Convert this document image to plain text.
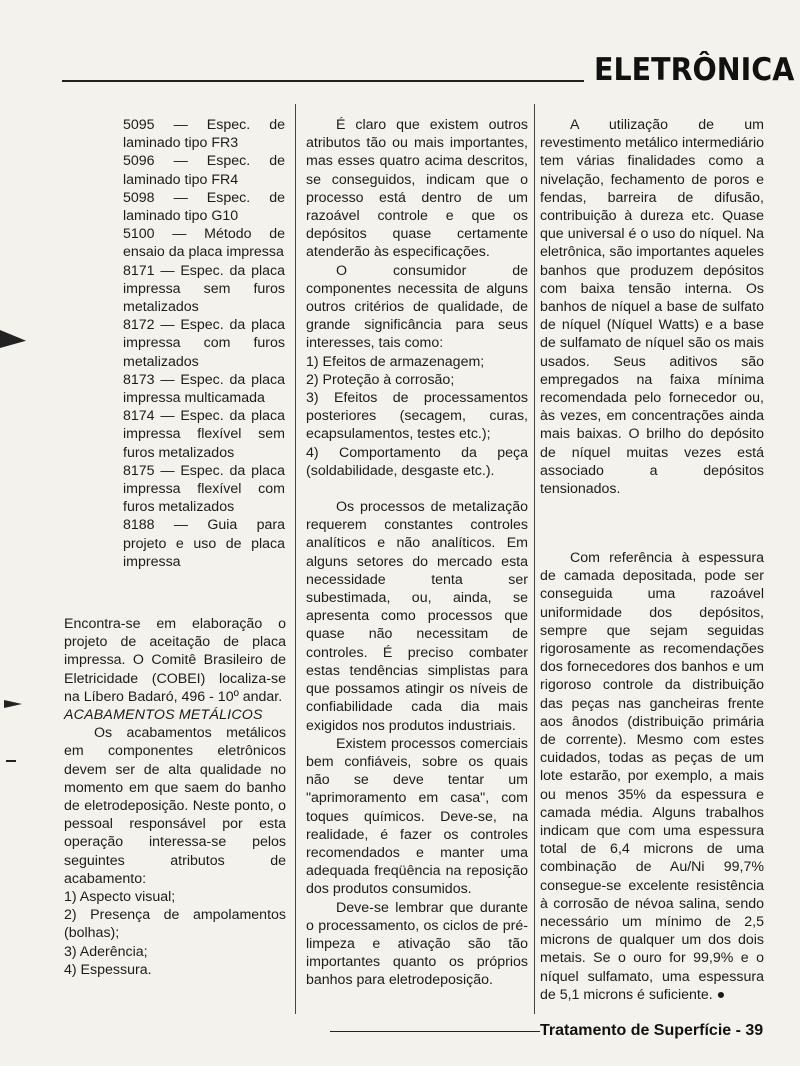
ELETRÔNICA

5095 — Espec. de laminado tipo FR3

5096 — Espec. de laminado tipo FR4

5098 — Espec. de laminado tipo G10

5100 — Método de ensaio da placa impressa

8171 — Espec. da placa impressa sem furos metalizados

8172 — Espec. da placa impressa com furos metalizados

8173 — Espec. da placa impressa multicamada

8174 — Espec. da placa impressa flexível sem furos metalizados

8175 — Espec. da placa impressa flexível com furos metalizados

8188 — Guia para projeto e uso de placa impressa

Encontra-se em elaboração o projeto de aceitação de placa impressa. O Comitê Brasileiro de Eletricidade (COBEI) localiza-se na Líbero Badaró, 496 - 10º andar.

ACABAMENTOS METÁLICOS

Os acabamentos metálicos em componentes eletrônicos devem ser de alta qualidade no momento em que saem do banho de eletrodeposição. Neste ponto, o pessoal responsável por esta operação interessa-se pelos seguintes atributos de acabamento:

1) Aspecto visual;

2) Presença de ampolamentos (bolhas);

3) Aderência;

4) Espessura.

É claro que existem outros atributos tão ou mais importantes, mas esses quatro acima descritos, se conseguidos, indicam que o processo está dentro de um razoável controle e que os depósitos quase certamente atenderão às especificações.

O consumidor de componentes necessita de alguns outros critérios de qualidade, de grande significância para seus interesses, tais como:

1) Efeitos de armazenagem;

2) Proteção à corrosão;

3) Efeitos de processamentos posteriores (secagem, curas, ecapsulamentos, testes etc.);

4) Comportamento da peça (soldabilidade, desgaste etc.).

Os processos de metalização requerem constantes controles analíticos e não analíticos. Em alguns setores do mercado esta necessidade tenta ser subestimada, ou, ainda, se apresenta como processos que quase não necessitam de controles. É preciso combater estas tendências simplistas para que possamos atingir os níveis de confiabilidade cada dia mais exigidos nos produtos industriais.

Existem processos comerciais bem confiáveis, sobre os quais não se deve tentar um "aprimoramento em casa", com toques químicos. Deve-se, na realidade, é fazer os controles recomendados e manter uma adequada freqüência na reposição dos produtos consumidos.

Deve-se lembrar que durante o processamento, os ciclos de pré-limpeza e ativação são tão importantes quanto os próprios banhos para eletrodeposição.

A utilização de um revestimento metálico intermediário tem várias finalidades como a nivelação, fechamento de poros e fendas, barreira de difusão, contribuição à dureza etc. Quase que universal é o uso do níquel. Na eletrônica, são importantes aqueles banhos que produzem depósitos com baixa tensão interna. Os banhos de níquel a base de sulfato de níquel (Níquel Watts) e a base de sulfamato de níquel são os mais usados. Seus aditivos são empregados na faixa mínima recomendada pelo fornecedor ou, às vezes, em concentrações ainda mais baixas. O brilho do depósito de níquel muitas vezes está associado a depósitos tensionados.

Com referência à espessura de camada depositada, pode ser conseguida uma razoável uniformidade dos depósitos, sempre que sejam seguidas rigorosamente as recomendações dos fornecedores dos banhos e um rigoroso controle da distribuição das peças nas gancheiras frente aos ânodos (distribuição primária de corrente). Mesmo com estes cuidados, todas as peças de um lote estarão, por exemplo, a mais ou menos 35% da espessura e camada média. Alguns trabalhos indicam que com uma espessura total de 6,4 microns de uma combinação de Au/Ni 99,7% consegue-se excelente resistência à corrosão de névoa salina, sendo necessário um mínimo de 2,5 microns de qualquer um dos dois metais. Se o ouro for 99,9% e o níquel sulfamato, uma espessura de 5,1 microns é suficiente. ●

Tratamento de Superfície - 39
